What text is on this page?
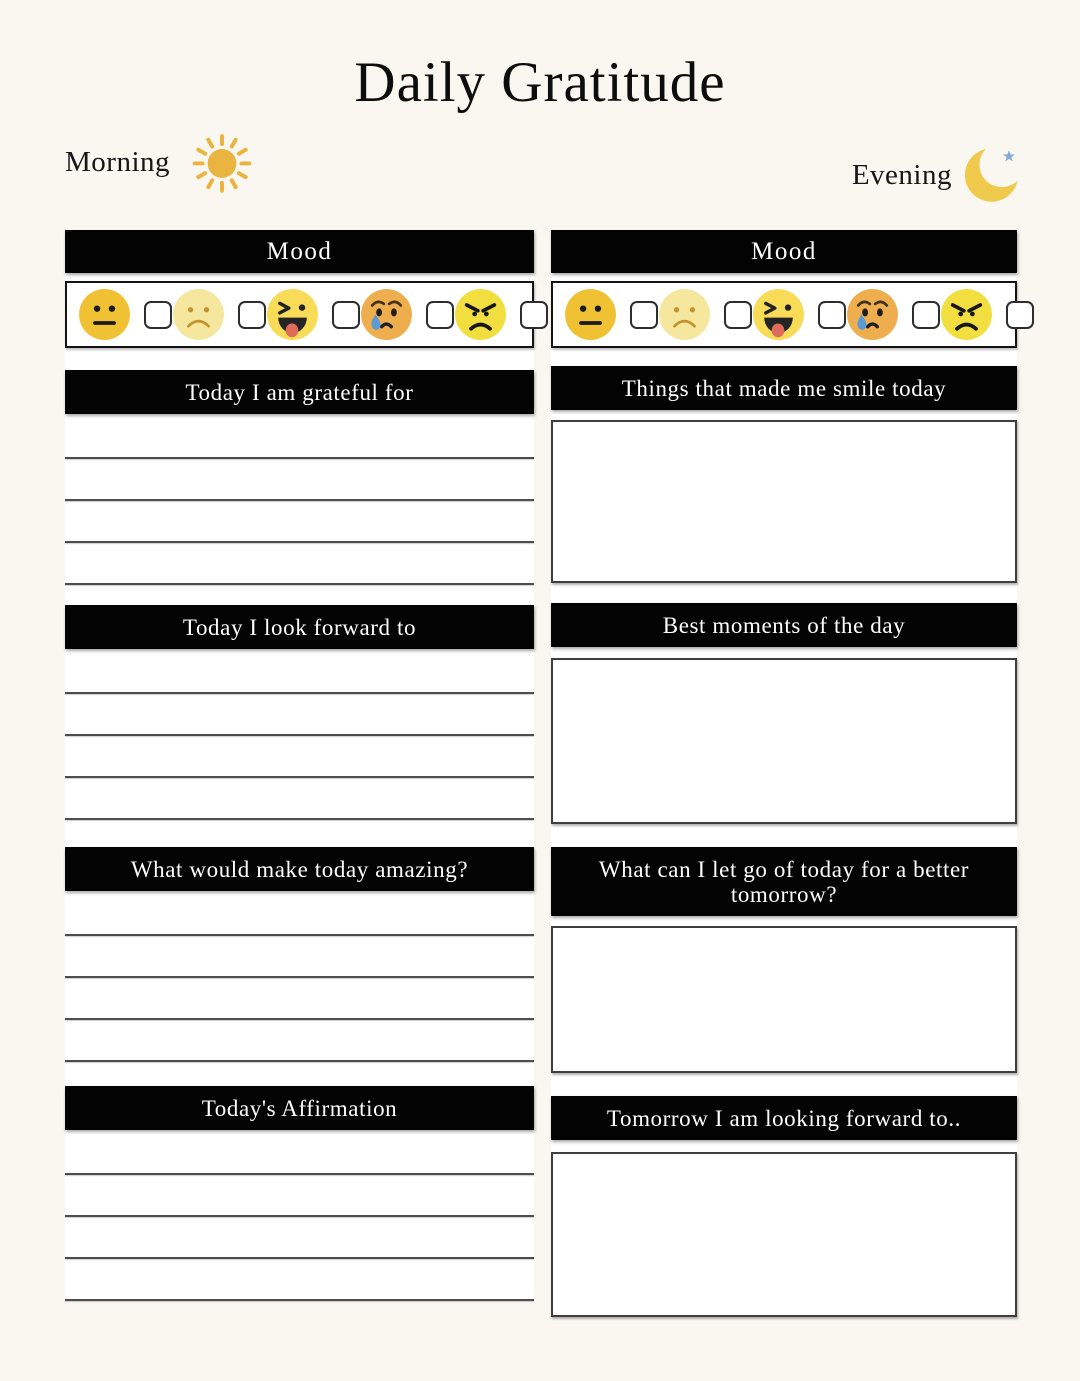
Daily Gratitude
Morning	Evening
Mood
Today I am grateful for
Today I look forward to
What would make today amazing?
Today's Affirmation
Mood
Things that made me smile today
Best moments of the day
What can I let go of today for a better tomorrow?
Tomorrow I am looking forward to..
